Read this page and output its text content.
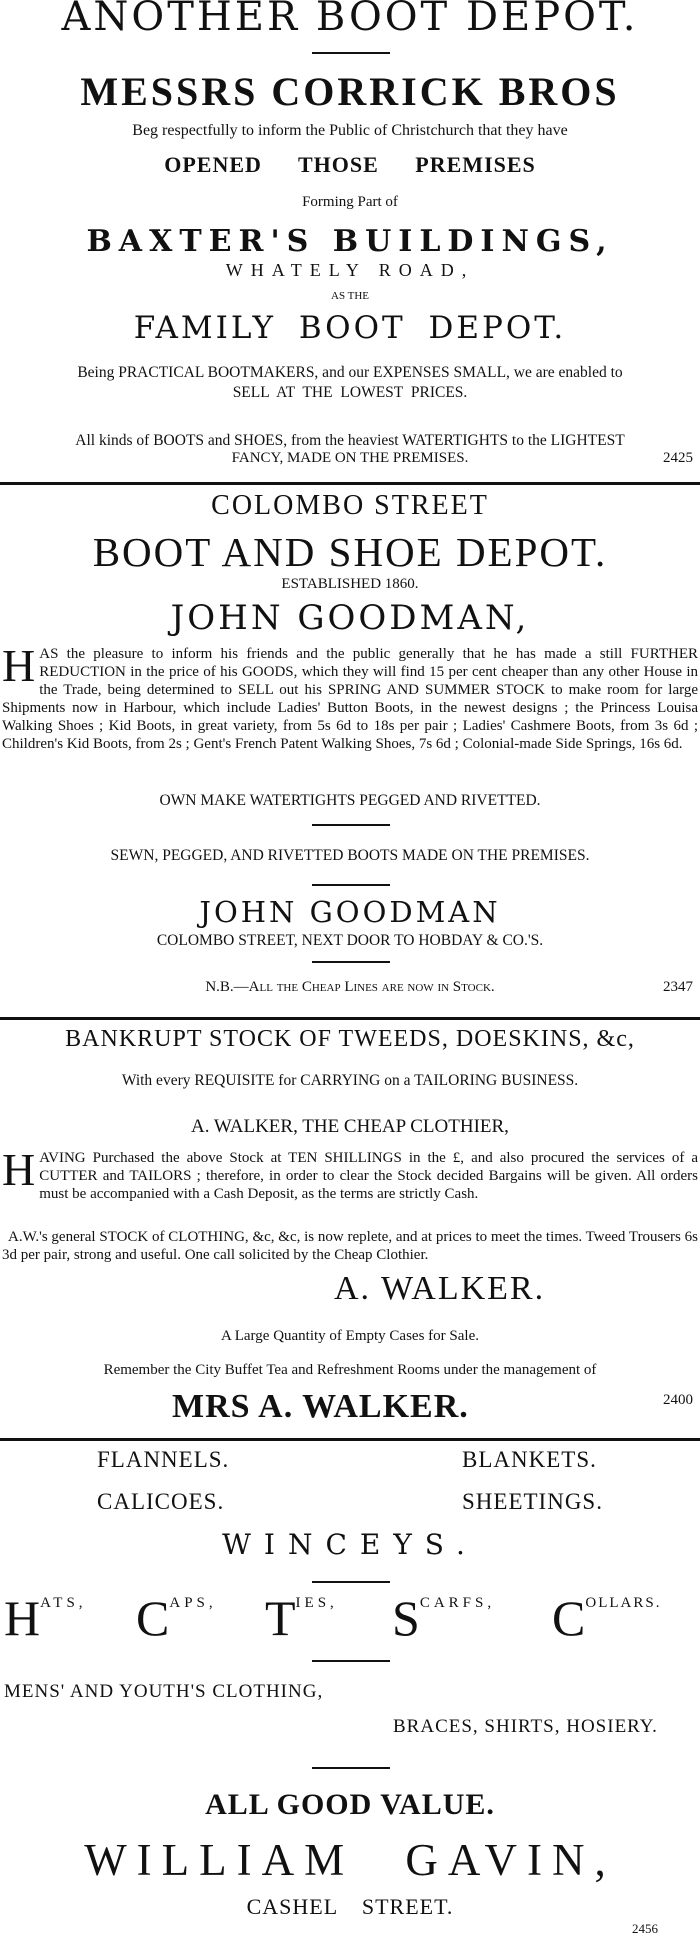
ANOTHER BOOT DEPOT.
MESSRS CORRICK BROS
Beg respectfully to inform the Public of Christchurch that they have
OPENED THOSE PREMISES
Forming Part of
BAXTER'S BUILDINGS,
WHATELY ROAD,
AS THE
FAMILY BOOT DEPOT.
Being PRACTICAL BOOTMAKERS, and our EXPENSES SMALL, we are enabled to
SELL AT THE LOWEST PRICES.
All kinds of BOOTS and SHOES, from the heaviest WATERTIGHTS to the LIGHTEST
FANCY, MADE ON THE PREMISES.	2425
COLOMBO STREET
BOOT AND SHOE DEPOT.
ESTABLISHED 1860.
JOHN GOODMAN,
HAS the pleasure to inform his friends and the public generally that he has made a still FURTHER REDUCTION in the price of his GOODS, which they will find 15 per cent cheaper than any other House in the Trade, being determined to SELL out his SPRING AND SUMMER STOCK to make room for large Shipments now in Harbour, which include Ladies' Button Boots, in the newest designs ; the Princess Louisa Walking Shoes ; Kid Boots, in great variety, from 5s 6d to 18s per pair ; Ladies' Cashmere Boots, from 3s 6d ; Children's Kid Boots, from 2s ; Gent's French Patent Walking Shoes, 7s 6d ; Colonial-made Side Springs, 16s 6d.
OWN MAKE WATERTIGHTS PEGGED AND RIVETTED.
SEWN, PEGGED, AND RIVETTED BOOTS MADE ON THE PREMISES.
JOHN GOODMAN
COLOMBO STREET, NEXT DOOR TO HOBDAY & CO.'S.
N.B.—All the Cheap Lines are now in Stock.	2347
BANKRUPT STOCK OF TWEEDS, DOESKINS, &c,
With every REQUISITE for CARRYING on a TAILORING BUSINESS.
A. WALKER, THE CHEAP CLOTHIER,
HAVING Purchased the above Stock at TEN SHILLINGS in the £, and also procured the services of a CUTTER and TAILORS ; therefore, in order to clear the Stock decided Bargains will be given. All orders must be accompanied with a Cash Deposit, as the terms are strictly Cash.
A.W.'s general STOCK of CLOTHING, &c, &c, is now replete, and at prices to meet the times. Tweed Trousers 6s 3d per pair, strong and useful. One call solicited by the Cheap Clothier.
A. WALKER.
A Large Quantity of Empty Cases for Sale.
Remember the City Buffet Tea and Refreshment Rooms under the management of
MRS A. WALKER.	2400
FLANNELS.	BLANKETS.
CALICOES.	SHEETINGS.
WINCEYS.
HATS, CAPS, TIES, SCARFS, COLLARS.
MENS' AND YOUTH'S CLOTHING,
BRACES, SHIRTS, HOSIERY.
ALL GOOD VALUE.
WILLIAM GAVIN,
CASHEL STREET.
2456
